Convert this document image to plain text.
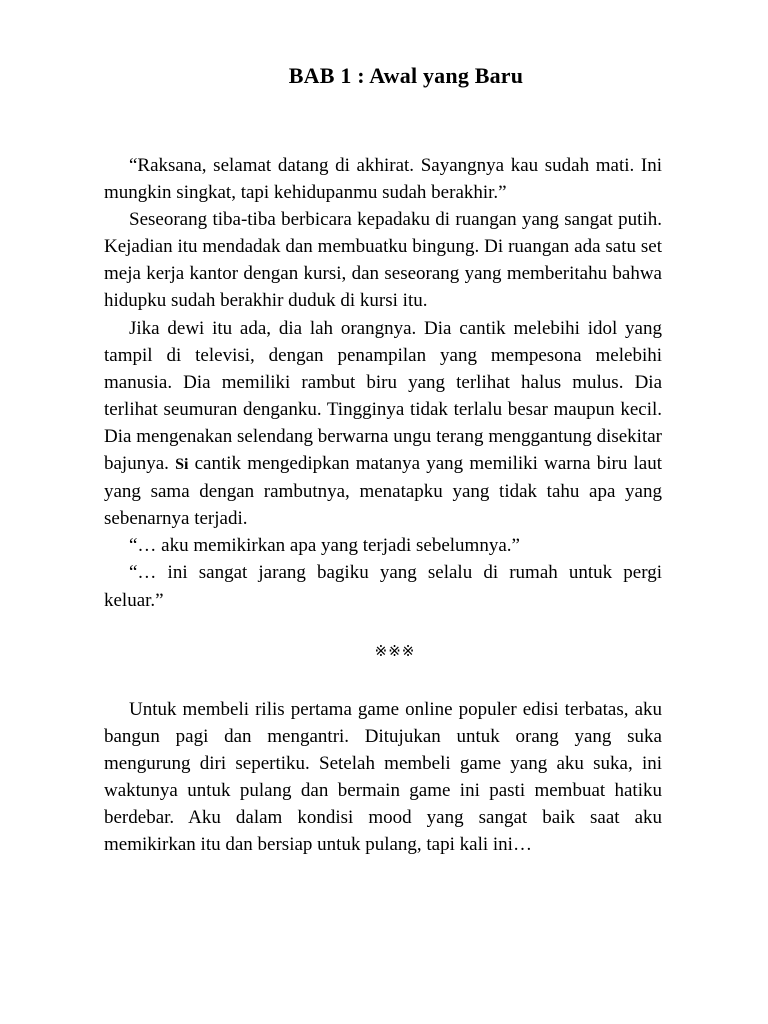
BAB 1 : Awal yang Baru

“Raksana, selamat datang di akhirat. Sayangnya kau sudah mati. Ini mungkin singkat, tapi kehidupanmu sudah berakhir.”

Seseorang tiba-tiba berbicara kepadaku di ruangan yang sangat putih. Kejadian itu mendadak dan membuatku bingung. Di ruangan ada satu set meja kerja kantor dengan kursi, dan seseorang yang memberitahu bahwa hidupku sudah berakhir duduk di kursi itu.

Jika dewi itu ada, dia lah orangnya. Dia cantik melebihi idol yang tampil di televisi, dengan penampilan yang mempesona melebihi manusia. Dia memiliki rambut biru yang terlihat halus mulus. Dia terlihat seumuran denganku. Tingginya tidak terlalu besar maupun kecil. Dia mengenakan selendang berwarna ungu terang menggantung disekitar bajunya. Si cantik mengedipkan matanya yang memiliki warna biru laut yang sama dengan rambutnya, menatapku yang tidak tahu apa yang sebenarnya terjadi.

“… aku memikirkan apa yang terjadi sebelumnya.”

“… ini sangat jarang bagiku yang selalu di rumah untuk pergi keluar.”

※※※

Untuk membeli rilis pertama game online populer edisi terbatas, aku bangun pagi dan mengantri. Ditujukan untuk orang yang suka mengurung diri sepertiku. Setelah membeli game yang aku suka, ini waktunya untuk pulang dan bermain game ini pasti membuat hatiku berdebar. Aku dalam kondisi mood yang sangat baik saat aku memikirkan itu dan bersiap untuk pulang, tapi kali ini…
